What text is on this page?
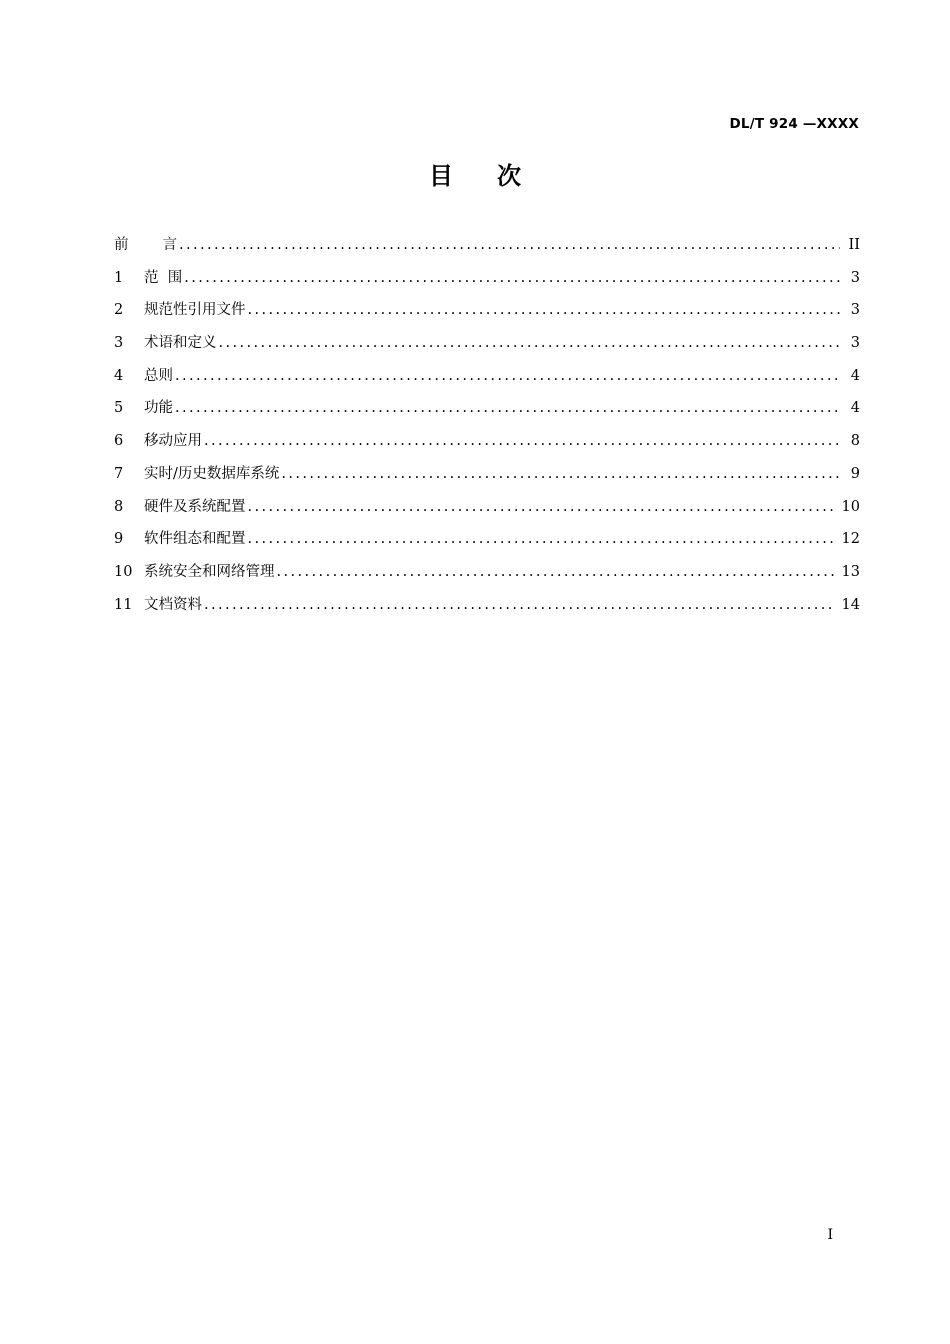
DL/T 924 —XXXX
目次
前 言 .....	II
1	范  围 .....	3
2	规范性引用文件 .....	3
3	术语和定义 .....	3
4	总则 .....	4
5	功能 .....	4
6	移动应用 .....	8
7	实时/历史数据库系统 .....	9
8	硬件及系统配置 .....	10
9	软件组态和配置 .....	12
10 系统安全和网络管理 .....	13
11 文档资料 .....	14
I
